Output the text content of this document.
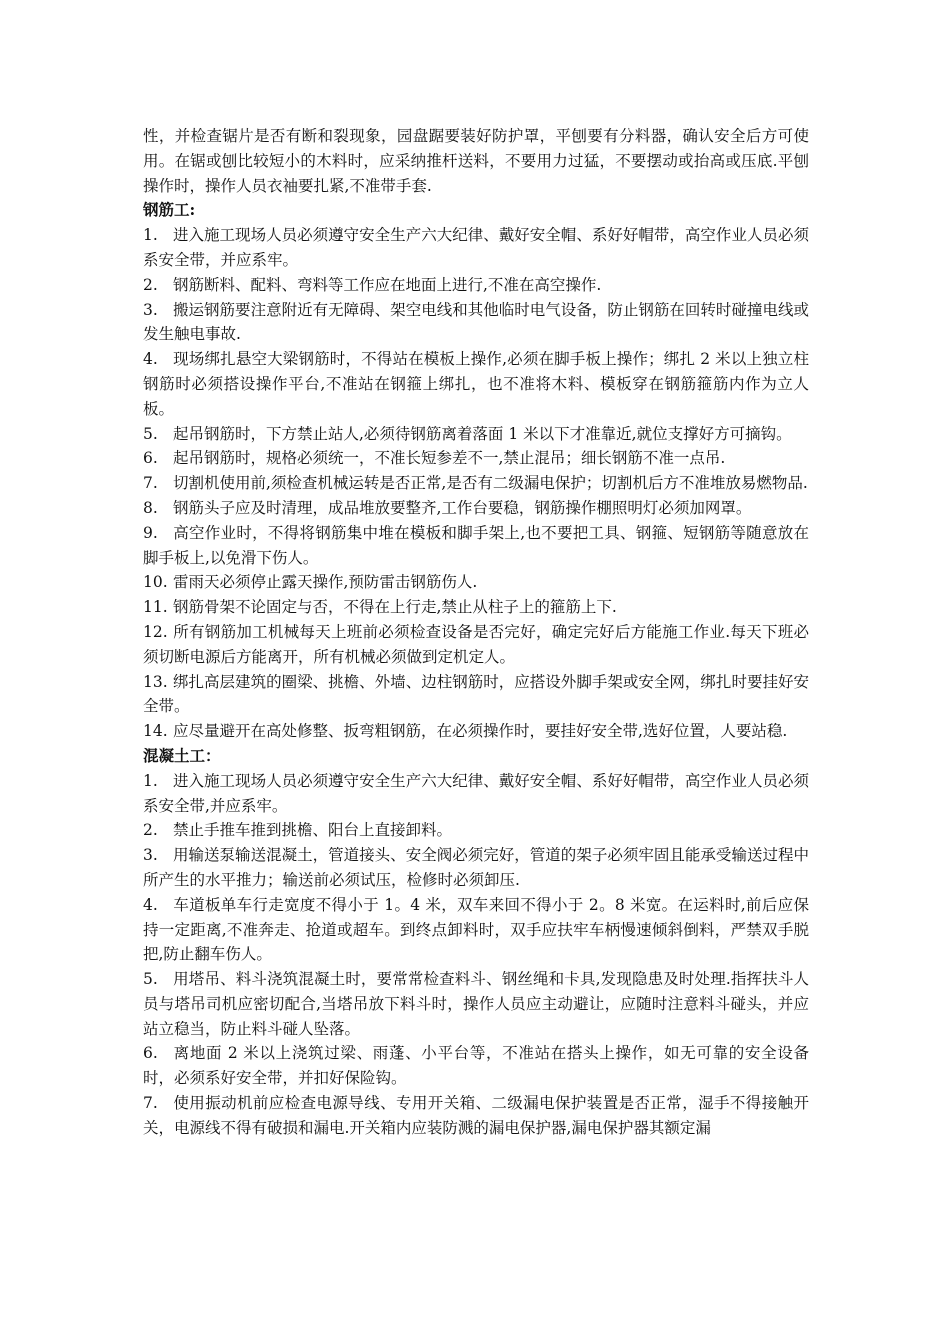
性，并检查锯片是否有断和裂现象，园盘踞要装好防护罩，平刨要有分料器，确认安全后方可使用。在锯或刨比较短小的木料时，应采纳推杆送料，不要用力过猛，不要摆动或抬高或压底.平刨操作时，操作人员衣袖要扎紧,不准带手套.

钢筋工:

1. 进入施工现场人员必须遵守安全生产六大纪律、戴好安全帽、系好好帽带，高空作业人员必须系安全带，并应系牢。

2. 钢筋断料、配料、弯料等工作应在地面上进行,不准在高空操作.

3. 搬运钢筋要注意附近有无障碍、架空电线和其他临时电气设备，防止钢筋在回转时碰撞电线或发生触电事故.

4. 现场绑扎悬空大梁钢筋时，不得站在模板上操作,必须在脚手板上操作；绑扎 2 米以上独立柱钢筋时必须搭设操作平台,不准站在钢箍上绑扎，也不准将木料、模板穿在钢筋箍筋内作为立人板。

5. 起吊钢筋时，下方禁止站人,必须待钢筋离着落面 1 米以下才准靠近,就位支撑好方可摘钩。

6. 起吊钢筋时，规格必须统一，不准长短参差不一,禁止混吊；细长钢筋不准一点吊.

7. 切割机使用前,须检查机械运转是否正常,是否有二级漏电保护；切割机后方不准堆放易燃物品.

8. 钢筋头子应及时清理，成品堆放要整齐,工作台要稳，钢筋操作棚照明灯必须加网罩。

9. 高空作业时，不得将钢筋集中堆在模板和脚手架上,也不要把工具、钢箍、短钢筋等随意放在脚手板上,以免滑下伤人。

10. 雷雨天必须停止露天操作,预防雷击钢筋伤人.

11. 钢筋骨架不论固定与否，不得在上行走,禁止从柱子上的箍筋上下.

12. 所有钢筋加工机械每天上班前必须检查设备是否完好，确定完好后方能施工作业.每天下班必须切断电源后方能离开，所有机械必须做到定机定人。

13. 绑扎高层建筑的圈梁、挑檐、外墙、边柱钢筋时，应搭设外脚手架或安全网，绑扎时要挂好安全带。

14. 应尽量避开在高处修整、扳弯粗钢筋，在必须操作时，要挂好安全带,选好位置，人要站稳.

混凝土工：

1. 进入施工现场人员必须遵守安全生产六大纪律、戴好安全帽、系好好帽带，高空作业人员必须系安全带,并应系牢。

2. 禁止手推车推到挑檐、阳台上直接卸料。

3. 用输送泵输送混凝土，管道接头、安全阀必须完好，管道的架子必须牢固且能承受输送过程中所产生的水平推力；输送前必须试压，检修时必须卸压.

4. 车道板单车行走宽度不得小于 1。4 米，双车来回不得小于 2。8 米宽。在运料时,前后应保持一定距离,不准奔走、抢道或超车。到终点卸料时，双手应扶牢车柄慢速倾斜倒料，严禁双手脱把,防止翻车伤人。

5. 用塔吊、料斗浇筑混凝土时，要常常检查料斗、钢丝绳和卡具,发现隐患及时处理.指挥扶斗人员与塔吊司机应密切配合,当塔吊放下料斗时，操作人员应主动避让，应随时注意料斗碰头，并应站立稳当，防止料斗碰人坠落。

6. 离地面 2 米以上浇筑过梁、雨蓬、小平台等，不准站在搭头上操作，如无可靠的安全设备时，必须系好安全带，并扣好保险钩。

7. 使用振动机前应检查电源导线、专用开关箱、二级漏电保护装置是否正常，湿手不得接触开关，电源线不得有破损和漏电.开关箱内应装防溅的漏电保护器,漏电保护器其额定漏
